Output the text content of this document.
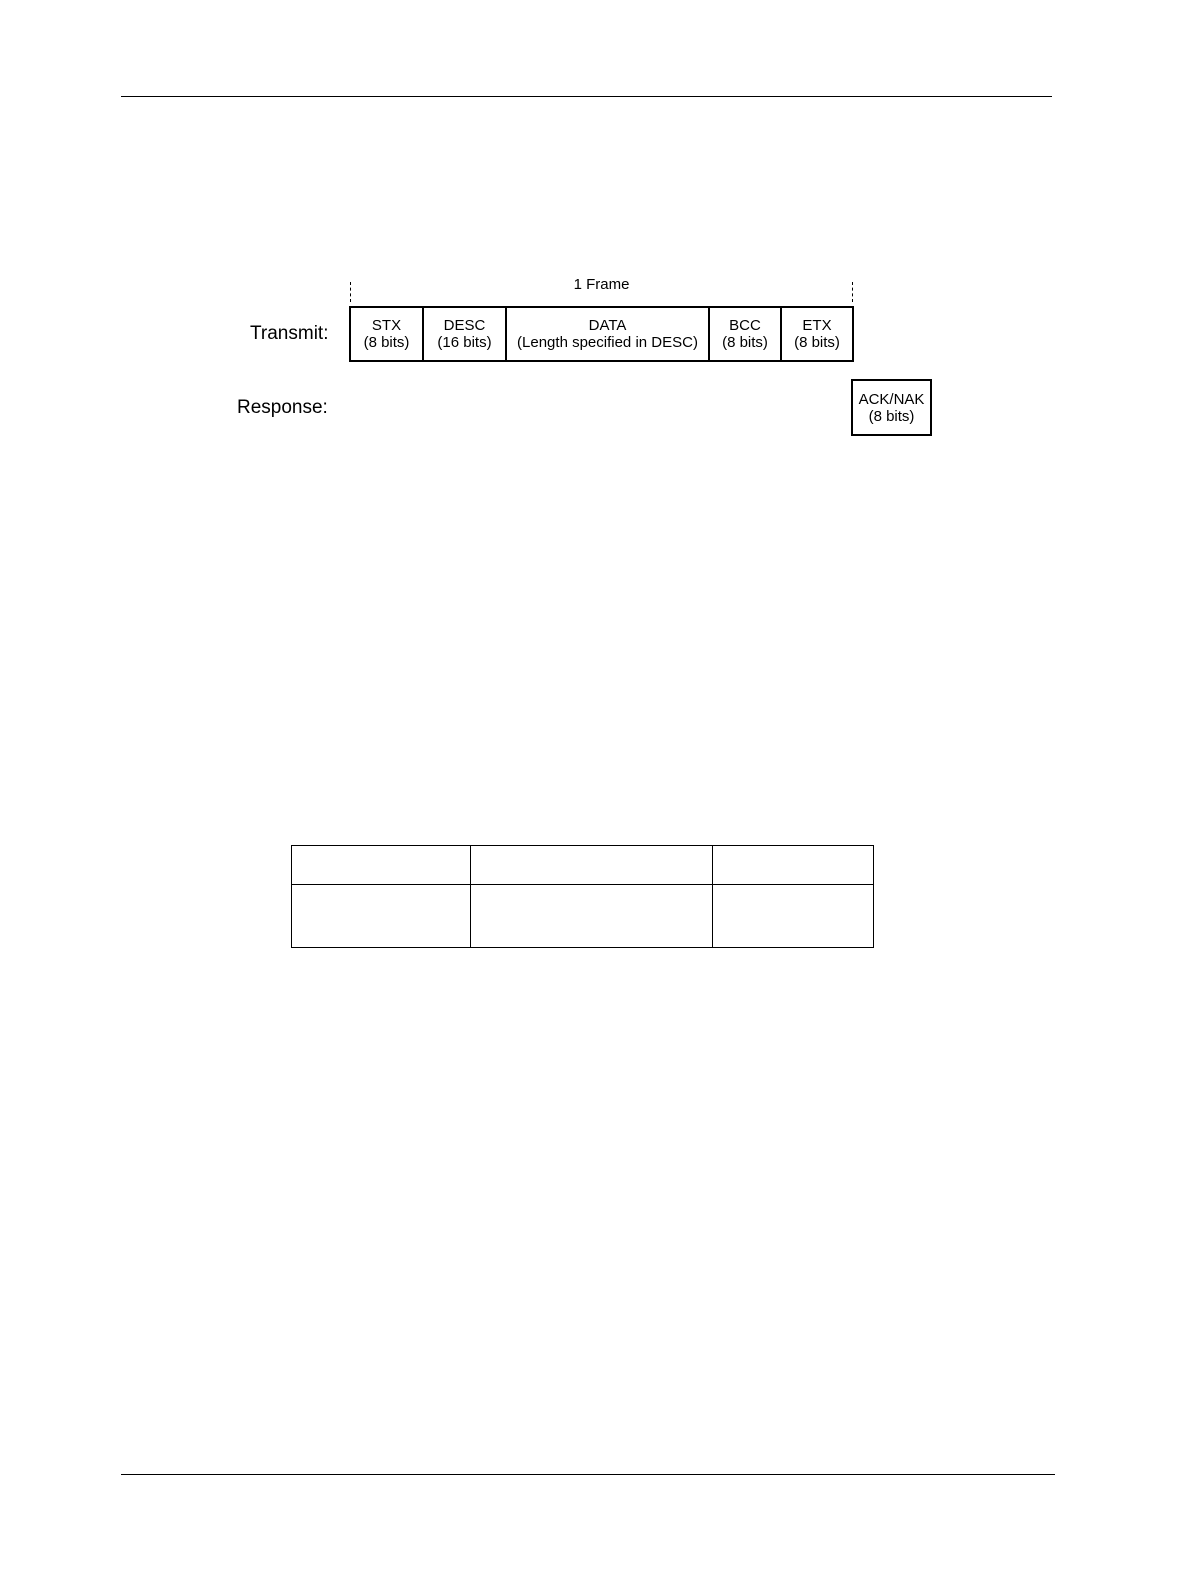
1 Frame
Transmit:	STX
(8 bits)
DESC
(16 bits)
DATA
(Length specified in DESC)
BCC
(8 bits)
ETX
(8 bits)
Response:	ACK/NAK
(8 bits)
